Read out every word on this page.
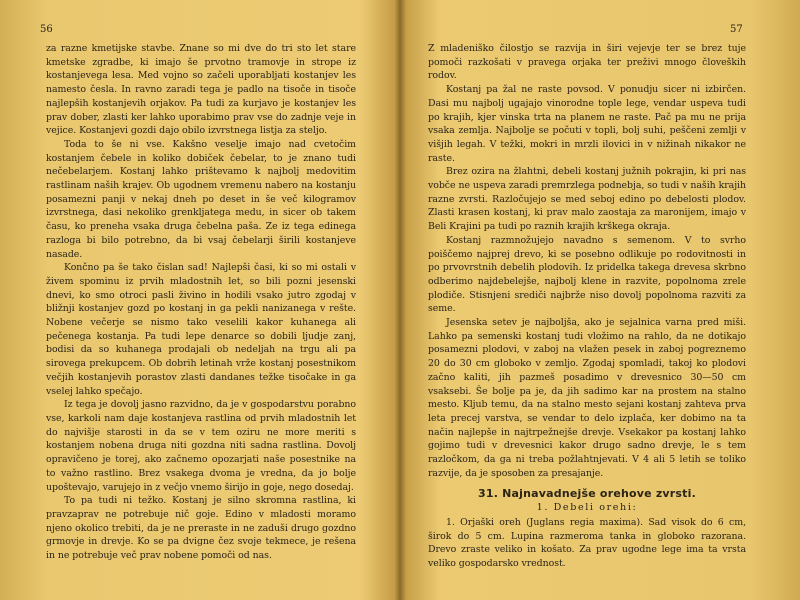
56	57

za razne kmetijske stavbe. Znane so mi dve do tri sto let stare kmetske zgradbe, ki imajo še prvotno tramovje in strope iz kostanjevega lesa. Med vojno so začeli uporabljati kostanjev les namesto česla. In ravno zaradi tega je padlo na tisoče in tisoče najlepših kostanjevih orjakov. Pa tudi za kurjavo je kostanjev les prav dober, zlasti ker lahko uporabimo prav vse do zadnje veje in vejice. Kostanjevi gozdi dajo obilo izvrstnega listja za steljo.

Toda to še ni vse. Kakšno veselje imajo nad cvetočim kostanjem čebele in koliko dobiček čebelar, to je znano tudi nečebelarjem. Kostanj lahko prištevamo k najbolj medovitim rastlinam naših krajev. Ob ugodnem vremenu nabero na kostanju posamezni panji v nekaj dneh po deset in še več kilogramov izvrstnega, dasi nekoliko grenkljatega medu, in sicer ob takem času, ko preneha vsaka druga čebelna paša. Ze iz tega edinega razloga bi bilo potrebno, da bi vsaj čebelarji širili kostanjeve nasade.

Končno pa še tako čislan sad! Najlepši časi, ki so mi ostali v živem spominu iz prvih mladostnih let, so bili pozni jesenski dnevi, ko smo otroci pasli živino in hodili vsako jutro zgodaj v bližnji kostanjev gozd po kostanj in ga pekli nanizanega v rešte. Nobene večerje se nismo tako veselili kakor kuhanega ali pečenega kostanja. Pa tudi lepe denarce so dobili ljudje zanj, bodisi da so kuhanega prodajali ob nedeljah na trgu ali pa sirovega prekupcem. Ob dobrih letinah vrže kostanj posestnikom večjih kostanjevih porastov zlasti dandanes težke tisočake in ga vselej lahko spečajo.

Iz tega je dovolj jasno razvidno, da je v gospodarstvu porabno vse, karkoli nam daje kostanjeva rastlina od prvih mladostnih let do najvišje starosti in da se v tem oziru ne more meriti s kostanjem nobena druga niti gozdna niti sadna rastlina. Dovolj opravičeno je torej, ako začnemo opozarjati naše posestnike na to važno rastlino. Brez vsakega dvoma je vredna, da jo bolje upoštevajo, varujejo in z večjo vnemo širijo in goje, nego dosedaj.

To pa tudi ni težko. Kostanj je silno skromna rastlina, ki pravzaprav ne potrebuje nič goje. Edino v mladosti moramo njeno okolico trebiti, da je ne preraste in ne zaduši drugo gozdno grmovje in drevje. Ko se pa dvigne čez svoje tekmece, je rešena in ne potrebuje več prav nobene pomoči od nas.

Z mladeniško čilostjo se razvija in širi vejevje ter se brez tuje pomoči razkošati v pravega orjaka ter preživi mnogo človeških rodov.

Kostanj pa žal ne raste povsod. V ponudju sicer ni izbirčen. Dasi mu najbolj ugajajo vinorodne tople lege, vendar uspeva tudi po krajih, kjer vinska trta na planem ne raste. Pač pa mu ne prija vsaka zemlja. Najbolje se počuti v topli, bolj suhi, peščeni zemlji v višjih legah. V težki, mokri in mrzli ilovici in v nižinah nikakor ne raste.

Brez ozira na žlahtni, debeli kostanj južnih pokrajin, ki pri nas vobče ne uspeva zaradi premrzlega podnebja, so tudi v naših krajih razne zvrsti. Razločujejo se med seboj edino po debelosti plodov. Zlasti krasen kostanj, ki prav malo zaostaja za maronijem, imajo v Beli Krajini pa tudi po raznih krajih krškega okraja.

Kostanj razmnožujejo navadno s semenom. V to svrho poiščemo najprej drevo, ki se posebno odlikuje po rodovitnosti in po prvovrstnih debelih plodovih. Iz pridelka takega drevesa skrbno odberimo najdebelejše, najbolj klene in razvite, popolnoma zrele plodiče. Stisnjeni srediči najbrže niso dovolj popolnoma razviti za seme.

Jesenska setev je najboljša, ako je sejalnica varna pred miši. Lahko pa semenski kostanj tudi vložimo na rahlo, da ne dotikajo posamezni plodovi, v zaboj na vlažen pesek in zaboj pogreznemo 20 do 30 cm globoko v zemljo. Zgodaj spomladi, takoj ko plodovi začno kaliti, jih pazmeš posadimo v drevesnico 30—50 cm vsaksebi. Še bolje pa je, da jih sadimo kar na prostem na stalno mesto. Kljub temu, da na stalno mesto sejani kostanj zahteva prva leta precej varstva, se vendar to delo izplača, ker dobimo na ta način najlepše in najtrpežnejše drevje. Vsekakor pa kostanj lahko gojimo tudi v drevesnici kakor drugo sadno drevje, le s tem razločkom, da ga ni treba požlahtnjevati. V 4 ali 5 letih se toliko razvije, da je sposoben za presajanje.

31. Najnavadnejše orehove zvrsti.
1. Debeli orehi:

1. Orjaški oreh (Juglans regia maxima). Sad visok do 6 cm, širok do 5 cm. Lupina razmeroma tanka in globoko razorana. Drevo zraste veliko in košato. Za prav ugodne lege ima ta vrsta veliko gospodarsko vrednost.
